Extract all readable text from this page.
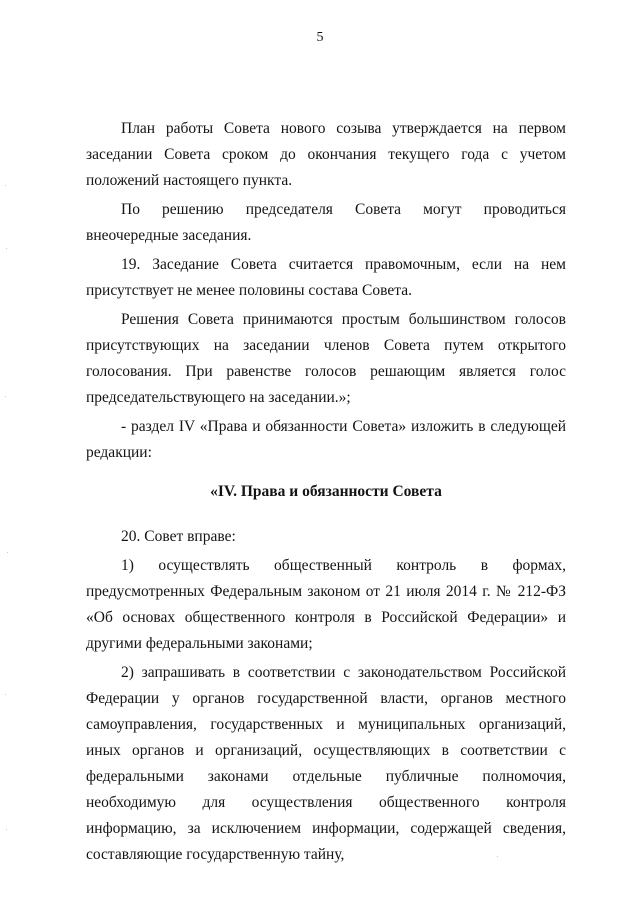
5

План работы Совета нового созыва утверждается на первом заседании Совета сроком до окончания текущего года с учетом положений настоящего пункта.

По решению председателя Совета могут проводиться внеочередные заседания.

19. Заседание Совета считается правомочным, если на нем присутствует не менее половины состава Совета.

Решения Совета принимаются простым большинством голосов присутствующих на заседании членов Совета путем открытого голосования. При равенстве голосов решающим является голос председательствующего на заседании.»;

- раздел IV «Права и обязанности Совета» изложить в следующей редакции:

«IV. Права и обязанности Совета

20. Совет вправе:

1) осуществлять общественный контроль в формах, предусмотренных Федеральным законом от 21 июля 2014 г. № 212-ФЗ «Об основах общественного контроля в Российской Федерации» и другими федеральными законами;

2) запрашивать в соответствии с законодательством Российской Федерации у органов государственной власти, органов местного самоуправления, государственных и муниципальных организаций, иных органов и организаций, осуществляющих в соответствии с федеральными законами отдельные публичные полномочия, необходимую для осуществления общественного контроля информацию, за исключением информации, содержащей сведения, составляющие государственную тайну,
